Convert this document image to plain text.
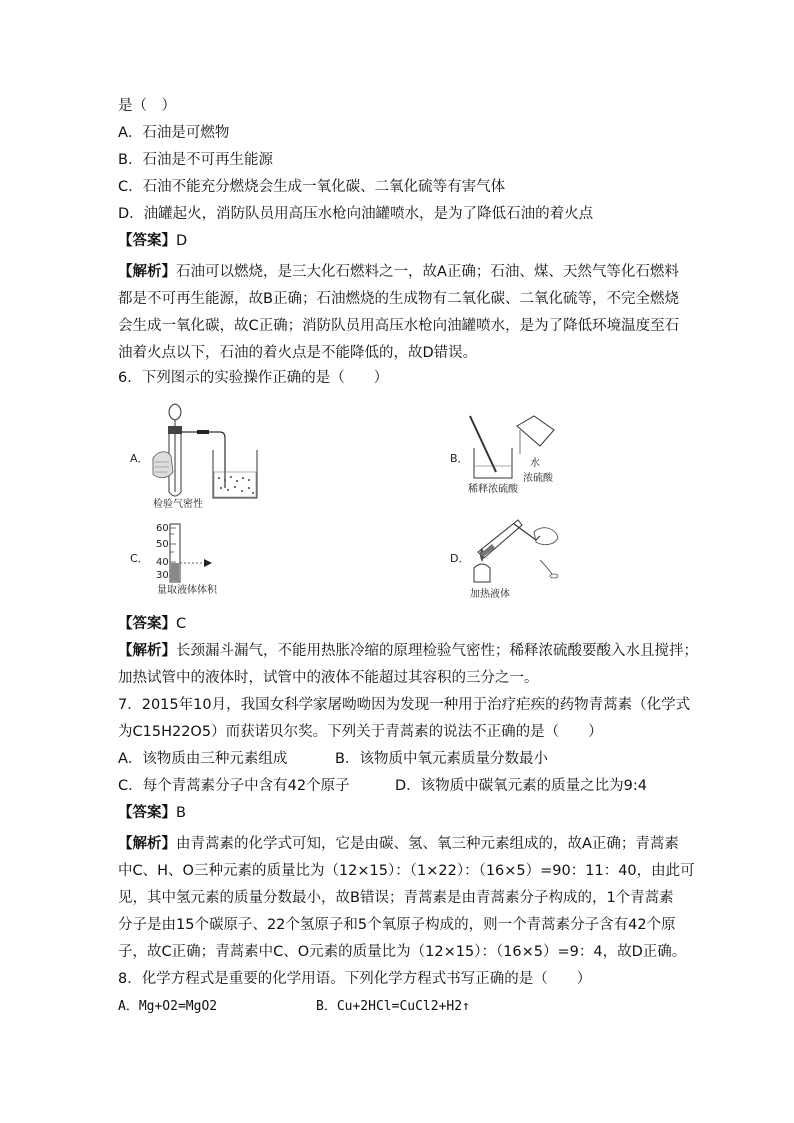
是（　）
A．石油是可燃物
B．石油是不可再生能源
C．石油不能充分燃烧会生成一氧化碳、二氧化硫等有害气体
D．油罐起火，消防队员用高压水枪向油罐喷水，是为了降低石油的着火点
【答案】D
【解析】石油可以燃烧，是三大化石燃料之一，故A正确；石油、煤、天然气等化石燃料
都是不可再生能源，故B正确；石油燃烧的生成物有二氧化碳、二氧化硫等，不完全燃烧
会生成一氧化碳，故C正确；消防队员用高压水枪向油罐喷水，是为了降低环境温度至石
油着火点以下，石油的着火点是不能降低的，故D错误。
6．下列图示的实验操作正确的是（　　）
A．
检验气密性
B．	水
浓硫酸
稀释浓硫酸
C．
60
50
40
30
量取液体体积
D．
加热液体
【答案】C
【解析】长颈漏斗漏气，不能用热胀冷缩的原理检验气密性；稀释浓硫酸要酸入水且搅拌；
加热试管中的液体时，试管中的液体不能超过其容积的三分之一。
7．2015年10月，我国女科学家屠呦呦因为发现一种用于治疗疟疾的药物青蒿素（化学式
为C15H22O5）而获诺贝尔奖。下列关于青蒿素的说法不正确的是（　　）
A．该物质由三种元素组成	B．该物质中氧元素质量分数最小
C．每个青蒿素分子中含有42个原子	D．该物质中碳氧元素的质量之比为9:4
【答案】B
【解析】由青蒿素的化学式可知，它是由碳、氢、氧三种元素组成的，故A正确；青蒿素
中C、H、O三种元素的质量比为（12×15）：（1×22）：（16×5）=90：11：40，由此可
见，其中氢元素的质量分数最小，故B错误；青蒿素是由青蒿素分子构成的，1个青蒿素
分子是由15个碳原子、22个氢原子和5个氧原子构成的，则一个青蒿素分子含有42个原
子，故C正确；青蒿素中C、O元素的质量比为（12×15）：（16×5）=9：4，故D正确。
8．化学方程式是重要的化学用语。下列化学方程式书写正确的是（　　）
A．Mg+O2=MgO2	B．Cu+2HCl=CuCl2+H2↑
